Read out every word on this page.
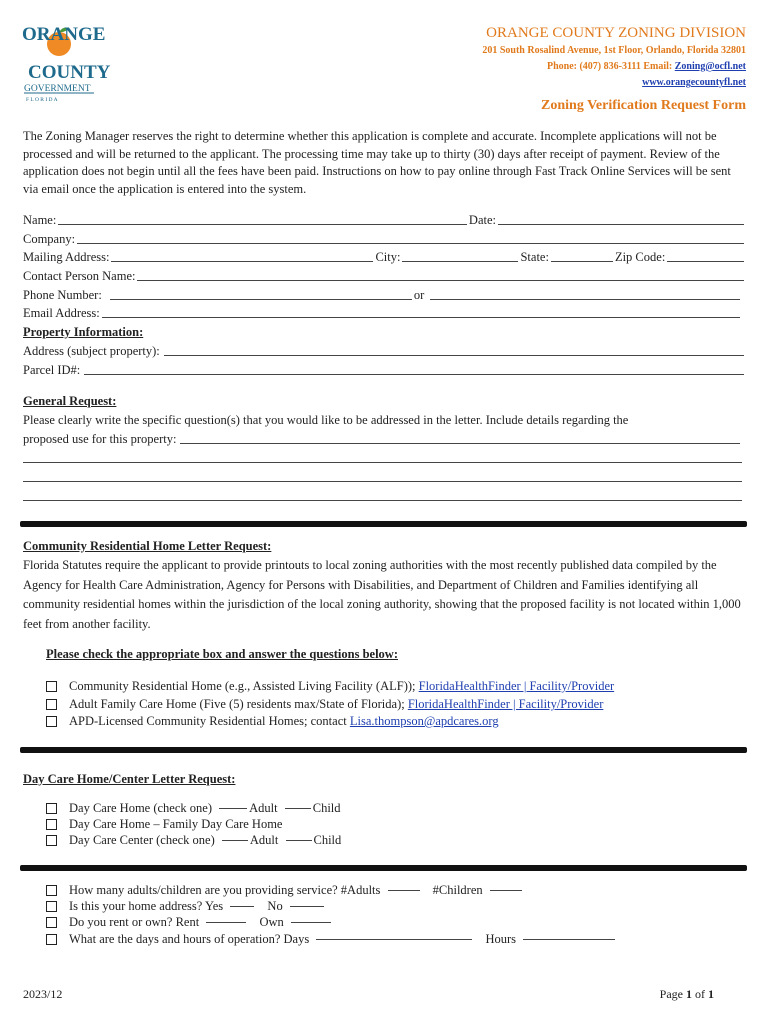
ORANGE
COUNTY
GOVERNMENT
F L O R I D A
ORANGE COUNTY ZONING DIVISION
201 South Rosalind Avenue, 1st Floor, Orlando, Florida 32801
Phone: (407) 836-3111 Email: Zoning@ocfl.net
www.orangecountyfl.net
Zoning Verification Request Form

The Zoning Manager reserves the right to determine whether this application is complete and accurate. Incomplete applications will not be processed and will be returned to the applicant. The processing time may take up to thirty (30) days after receipt of payment. Review of the application does not begin until all the fees have been paid. Instructions on how to pay online through Fast Track Online Services will be sent via email once the application is entered into the system.

Name:	Date:
Company:
Mailing Address:	City:	State:	Zip Code:
Contact Person Name:
Phone Number:	or
Email Address:
Property Information:
Address (subject property):
Parcel ID#:
General Request:
Please clearly write the specific question(s) that you would like to be addressed in the letter. Include details regarding the
proposed use for this property:
Community Residential Home Letter Request:

Florida Statutes require the applicant to provide printouts to local zoning authorities with the most recently published data compiled by the Agency for Health Care Administration, Agency for Persons with Disabilities, and Department of Children and Families identifying all community residential homes within the jurisdiction of the local zoning authority, showing that the proposed facility is not located within 1,000 feet from another facility.

Please check the appropriate box and answer the questions below:
Community Residential Home (e.g., Assisted Living Facility (ALF)); FloridaHealthFinder | Facility/Provider
Adult Family Care Home (Five (5) residents max/State of Florida); FloridaHealthFinder | Facility/Provider
APD-Licensed Community Residential Homes; contact Lisa.thompson@apdcares.org
Day Care Home/Center Letter Request:
Day Care Home (check one)	Adult	Child
Day Care Home – Family Day Care Home
Day Care Center (check one)	Adult	Child
How many adults/children are you providing service? #Adults	#Children
Is this your home address? Yes	No
Do you rent or own? Rent	Own
What are the days and hours of operation? Days	Hours
2023/12	Page 1 of 1
